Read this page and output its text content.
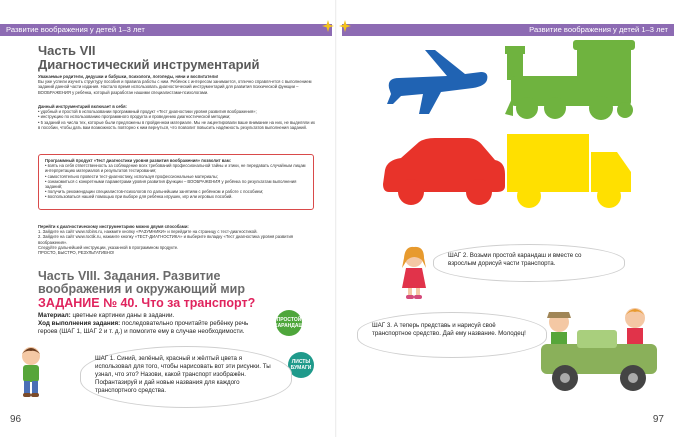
Развитие воображения у детей 1–3 лет
Часть VII
Диагностический инструментарий
Уважаемые родители, дедушки и бабушки, психологи, логопеды, няни и воспитатели!
Вы уже успели изучить структуру пособия и правила работы с ним. Ребёнок с интересом занимается, отлично справля-ется с выполнением заданий данной части издания. Настало время использовать диагностический инструментарий для развития психической функции – ВООБРАЖЕНИЯ у ребёнка, который разработан нашими специалистами-психологами.
Данный инструментарий включает в себя:
• удобный и простой в использовании программный продукт «Тест диагностики уровня развития воображения»;
• инструкцию по использованию программного продукта и проведению диагностической методики;
• 5 заданий из числа тех, которые были предложены в пройденном материале. Мы не акцентировали ваше внимание на них, не выделяли их в пособии, чтобы дать вам возможность повторно к ним вернуться, что позволит повысить надёжность результатов выполнения заданий.
Программный продукт «Тест диагностики уровня развития воображения» позволит вам:
• взять на себя ответственность за соблюдение всех требований профессиональной тайны и этики, не передавать случайным лицам интерпретацию материалов и результатов тестирования;
• самостоятельно провести тест-диагностику, используя профессиональные материалы;
• ознакомиться с конкретными параметрами уровня развития функции – ВООБРАЖЕНИЯ у ребёнка по результатам выполнения заданий;
• получить рекомендации специалистов-психологов по дальнейшим занятиям с ребёнком и работе с пособием;
• воспользоваться нашей помощью при выборе для ребёнка игрушек, игр или игровых пособий.
Перейти к диагностическому инструментарию можно двумя способами:
1. Зайдите на сайт www.robins.ru, нажмите кнопку «РАЗУМНИКИ» и перейдите на страницу с тест-диагностикой.
2. Зайдите на сайт www.roctik.ru, нажмите кнопку «ТЕСТ-ДИАГНОСТИКА» и выберите вкладку «Тест диагностика уровня развития воображения».
Следуйте дальнейшей инструкции, указанной в программном продукте.
ПРОСТО, БЫСТРО, РЕЗУЛЬТАТИВНО!
Часть VIII. Задания. Развитие
воображения и окружающий мир
ЗАДАНИЕ № 40. Что за транспорт?
Материал: цветные картинки даны в задании.
Ход выполнения задания: последовательно прочитайте ребёнку речь героев (ШАГ 1, ШАГ 2 и т. д.) и помогите ему в случае необходимости.
ПРОСТОЙ КАРАНДАШ
ЛИСТЫ БУМАГИ
ШАГ 1. Синий, зелёный, красный и жёлтый цвета я использовал для того, чтобы нарисовать вот эти рисунки. Ты узнал, что это? Назови, какой транспорт изображён. Пофантазируй и дай новые названия для каждого транспортного средства.
96
Развитие воображения у детей 1–3 лет
ШАГ 2. Возьми простой карандаш и вместе со взрослым дорисуй части транспорта.
ШАГ 3. А теперь представь и нарисуй своё транспортное средство. Дай ему название. Молодец!
97
